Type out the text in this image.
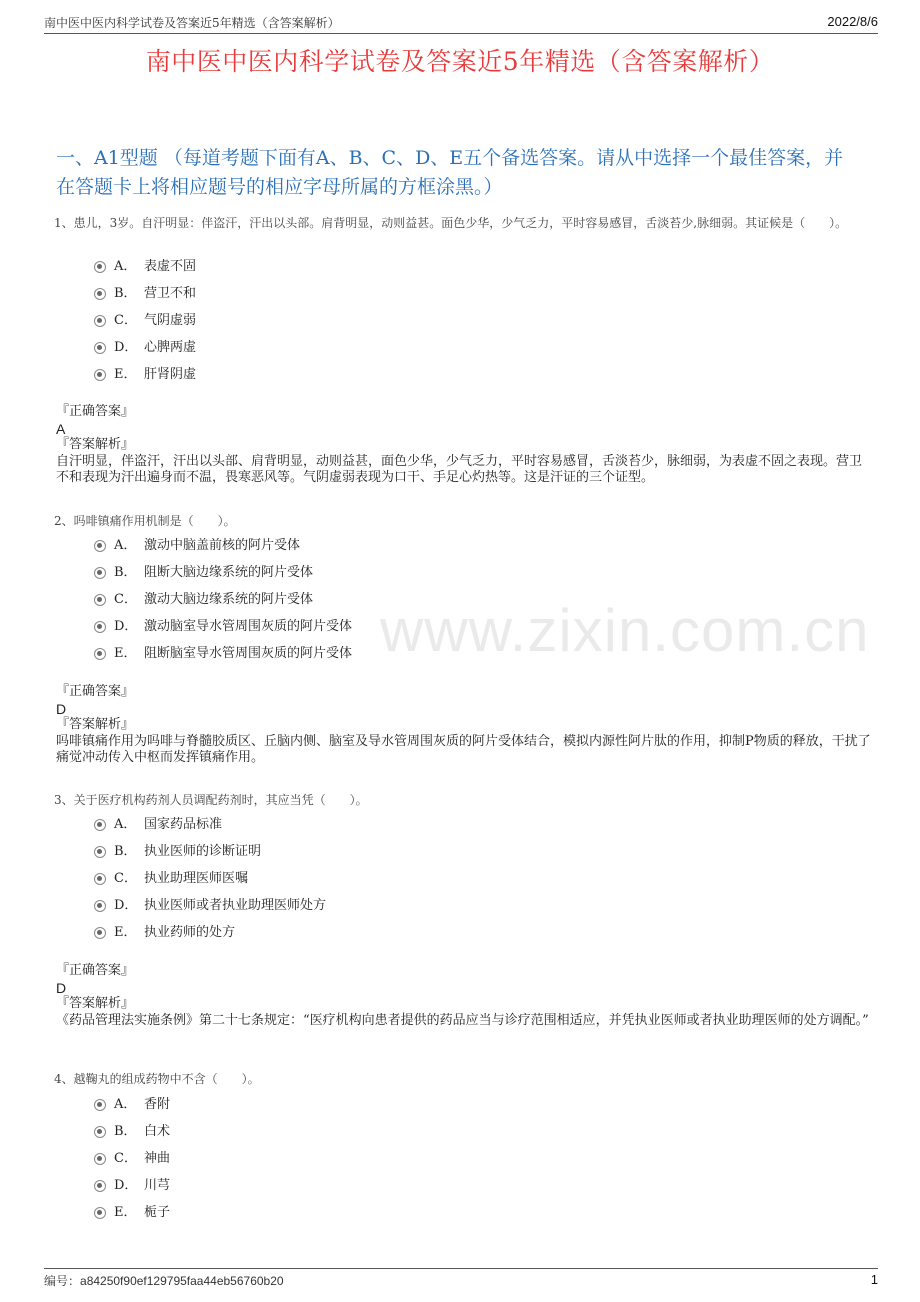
南中医中医内科学试卷及答案近5年精选（含答案解析）	2022/8/6
南中医中医内科学试卷及答案近5年精选（含答案解析）
一、A1型题 （每道考题下面有A、B、C、D、E五个备选答案。请从中选择一个最佳答案，并在答题卡上将相应题号的相应字母所属的方框涂黑。）
www.zixin.com.cn
1、患儿，3岁。自汗明显：伴盗汗，汗出以头部。肩背明显，动则益甚。面色少华，少气乏力，平时容易感冒，舌淡苔少,脉细弱。其证候是（　　）。
A． 表虚不固
B． 营卫不和
C． 气阴虚弱
D． 心脾两虚
E． 肝肾阴虚
『正确答案』
A
『答案解析』
自汗明显，伴盗汗，汗出以头部、肩背明显，动则益甚，面色少华，少气乏力，平时容易感冒，舌淡苔少，脉细弱，为表虚不固之表现。营卫不和表现为汗出遍身而不温，畏寒恶风等。气阴虚弱表现为口干、手足心灼热等。这是汗证的三个证型。
2、吗啡镇痛作用机制是（　　）。
A． 激动中脑盖前核的阿片受体
B． 阻断大脑边缘系统的阿片受体
C． 激动大脑边缘系统的阿片受体
D． 激动脑室导水管周围灰质的阿片受体
E． 阻断脑室导水管周围灰质的阿片受体
『正确答案』
D
『答案解析』
吗啡镇痛作用为吗啡与脊髓胶质区、丘脑内侧、脑室及导水管周围灰质的阿片受体结合，模拟内源性阿片肽的作用，抑制P物质的释放，干扰了痛觉冲动传入中枢而发挥镇痛作用。
3、关于医疗机构药剂人员调配药剂时，其应当凭（　　）。
A． 国家药品标准
B． 执业医师的诊断证明
C． 执业助理医师医嘱
D． 执业医师或者执业助理医师处方
E． 执业药师的处方
『正确答案』
D
『答案解析』
《药品管理法实施条例》第二十七条规定：“医疗机构向患者提供的药品应当与诊疗范围相适应，并凭执业医师或者执业助理医师的处方调配。”
4、越鞠丸的组成药物中不含（　　）。
A． 香附
B． 白术
C． 神曲
D． 川芎
E． 栀子
编号：a84250f90ef129795faa44eb56760b20	1
